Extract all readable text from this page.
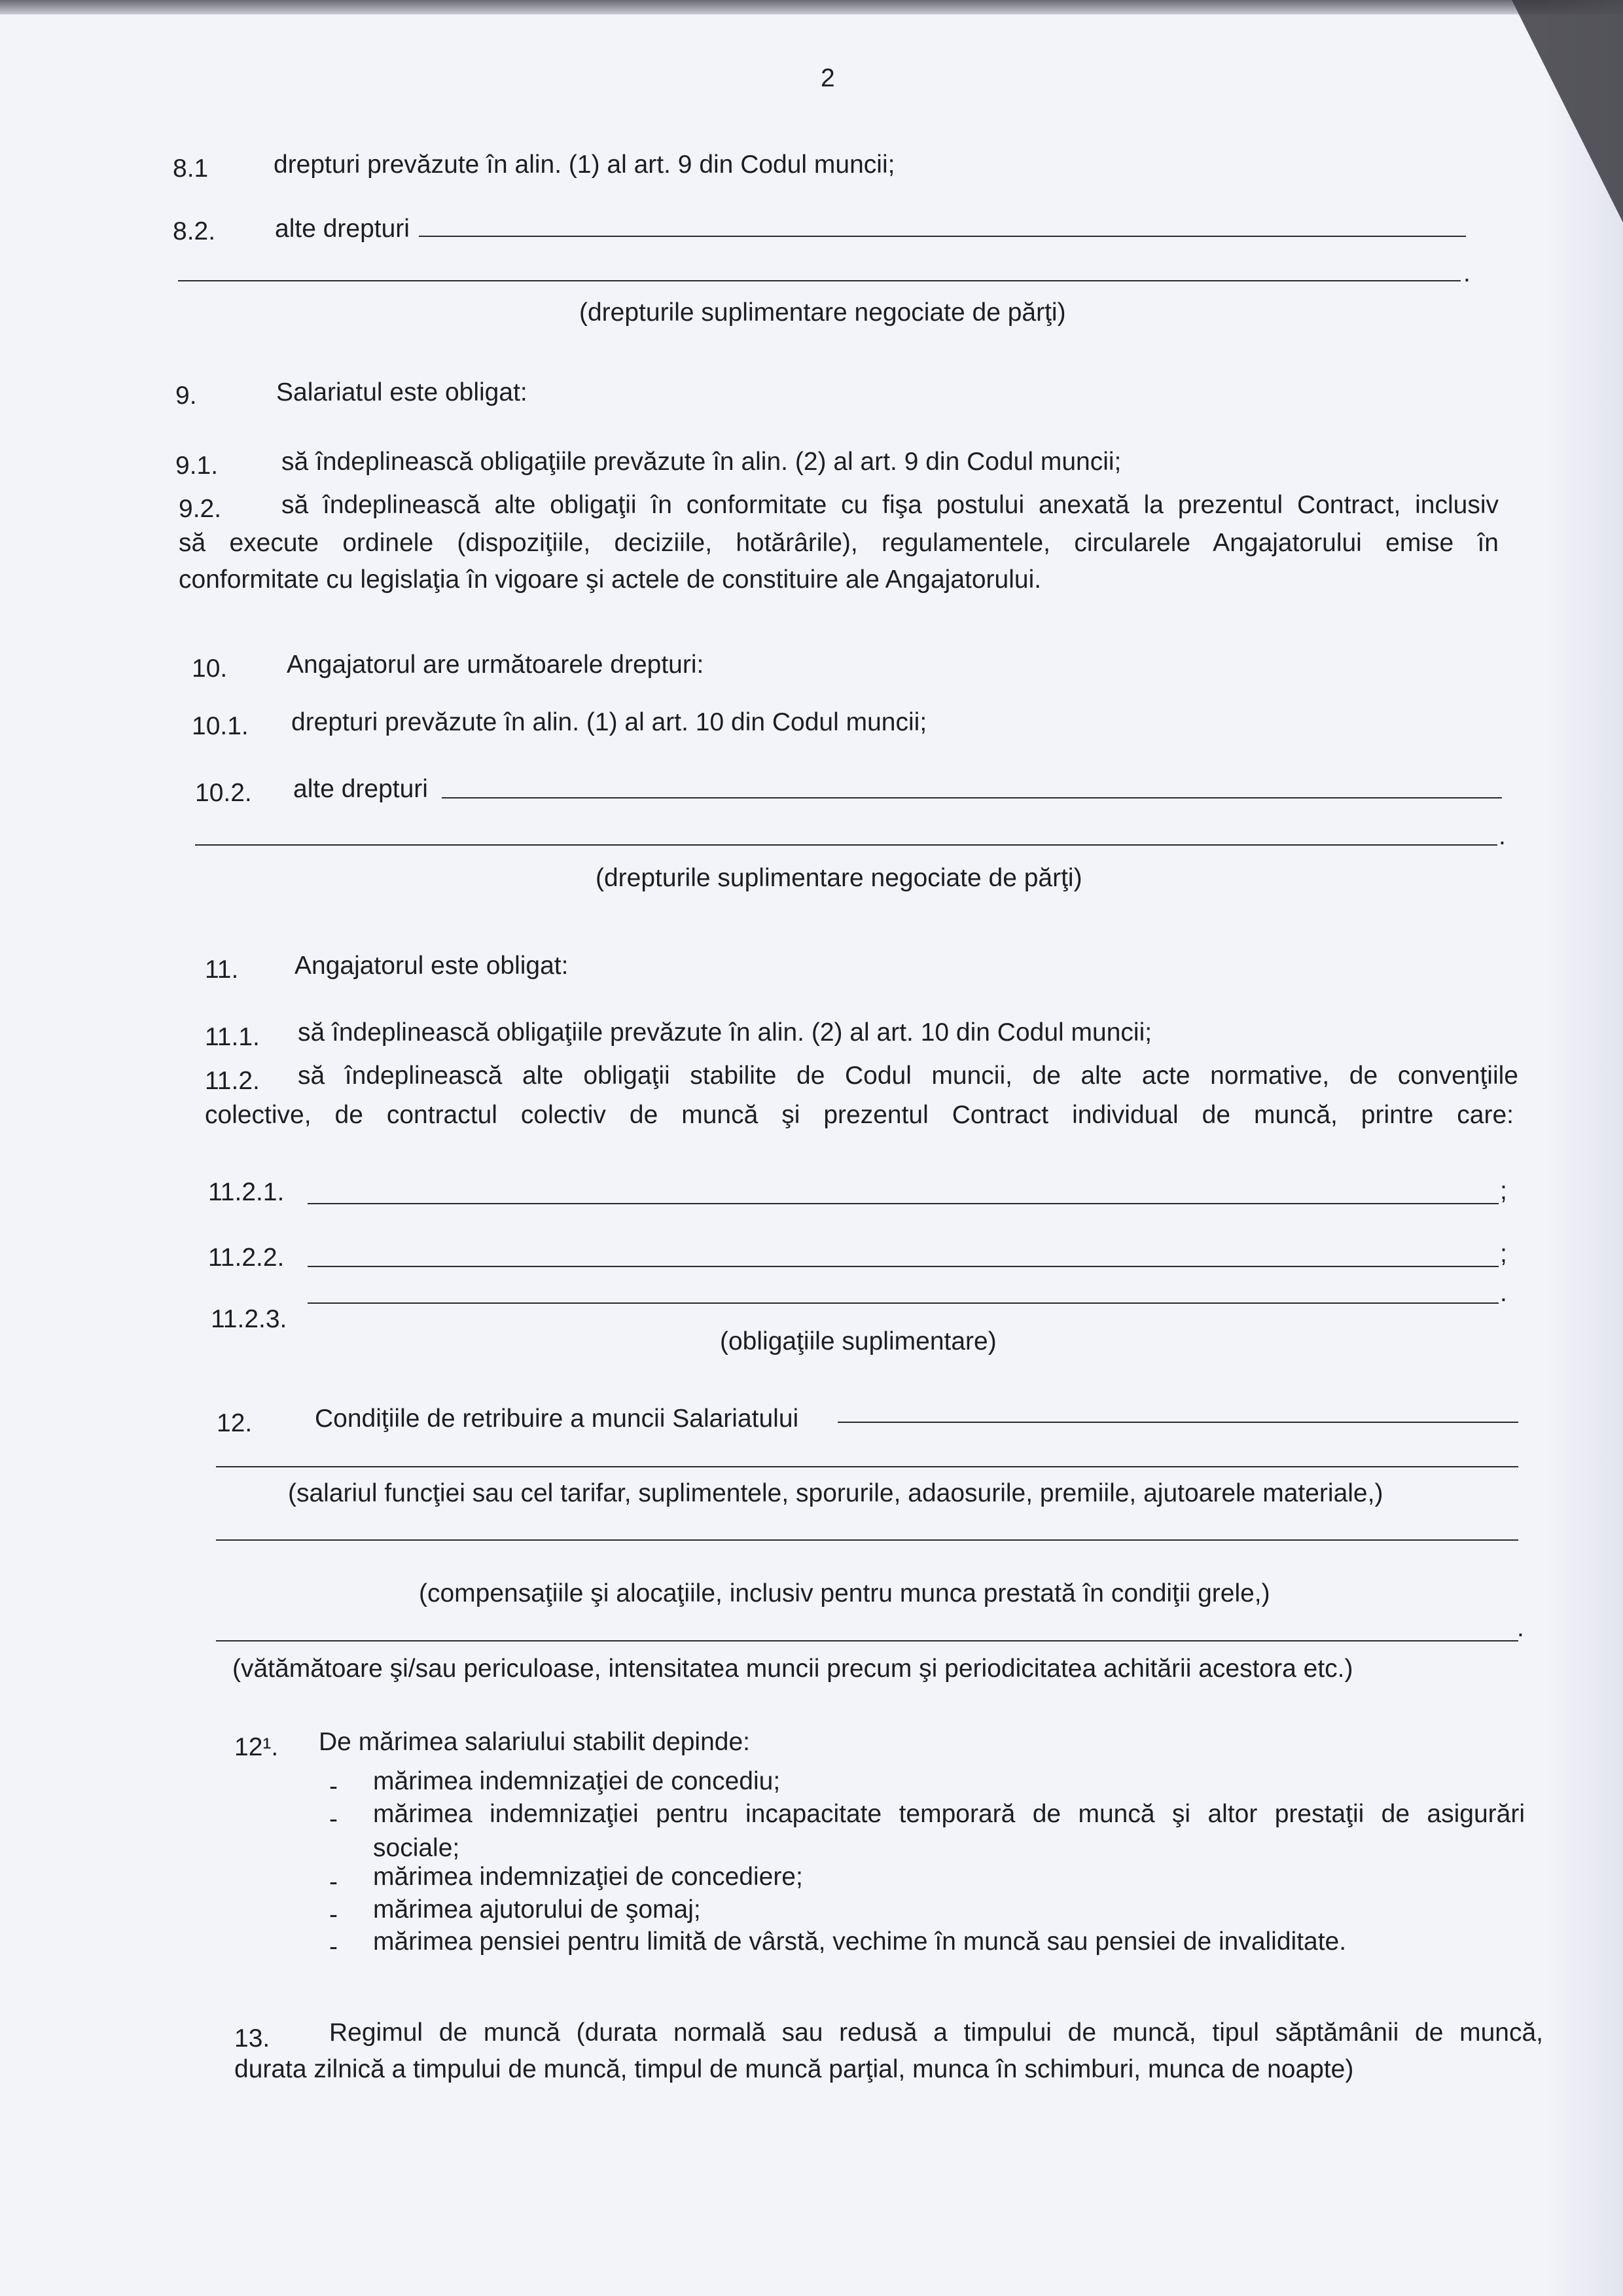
2
8.1	drepturi prevăzute în alin. (1) al art. 9 din Codul muncii;
8.2. alte drepturi
.
(drepturile suplimentare negociate de părţi)
9.	Salariatul este obligat:
9.1. să îndeplinească obligaţiile prevăzute în alin. (2) al art. 9 din Codul muncii;
9.2. să îndeplinească alte obligaţii în conformitate cu fişa postului anexată la prezentul Contract, inclusiv
să execute ordinele (dispoziţiile, deciziile, hotărârile), regulamentele, circularele Angajatorului emise în
conformitate cu legislaţia în vigoare şi actele de constituire ale Angajatorului.
10. Angajatorul are următoarele drepturi:
10.1. drepturi prevăzute în alin. (1) al art. 10 din Codul muncii;
10.2. alte drepturi
.
(drepturile suplimentare negociate de părţi)
11. Angajatorul este obligat:
11.1. să îndeplinească obligaţiile prevăzute în alin. (2) al art. 10 din Codul muncii;
11.2. să îndeplinească alte obligaţii stabilite de Codul muncii, de alte acte normative, de convenţiile
colective, de contractul colectiv de muncă şi prezentul Contract individual de muncă, printre care:
11.2.1.	;
11.2.2.	;
11.2.3.
.
(obligaţiile suplimentare)
12. Condiţiile de retribuire a muncii Salariatului
(salariul funcţiei sau cel tarifar, suplimentele, sporurile, adaosurile, premiile, ajutoarele materiale,)
(compensaţiile şi alocaţiile, inclusiv pentru munca prestată în condiţii grele,)
.
(vătămătoare şi/sau periculoase, intensitatea muncii precum şi periodicitatea achitării acestora etc.)
12¹. De mărimea salariului stabilit depinde:
- mărimea indemnizaţiei de concediu;
- mărimea indemnizaţiei pentru incapacitate temporară de muncă şi altor prestaţii de asigurări
sociale;
- mărimea indemnizaţiei de concediere;
- mărimea ajutorului de şomaj;
- mărimea pensiei pentru limită de vârstă, vechime în muncă sau pensiei de invaliditate.
13. Regimul de muncă (durata normală sau redusă a timpului de muncă, tipul săptămânii de muncă,
durata zilnică a timpului de muncă, timpul de muncă parţial, munca în schimburi, munca de noapte)
